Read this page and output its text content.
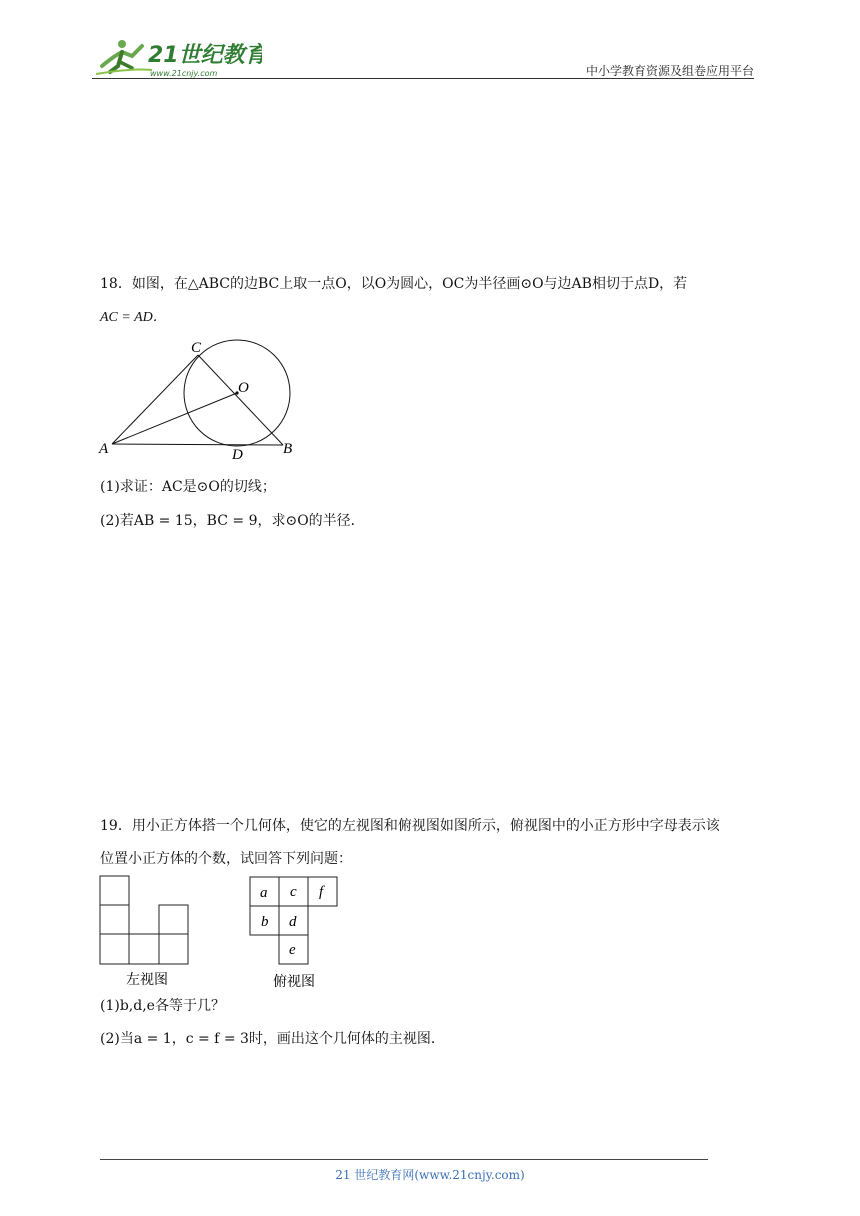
21世纪教育
www.21cnjy.com	中小学教育资源及组卷应用平台
18．如图，在△ABC的边BC上取一点O，以O为圆心，OC为半径画⊙O与边AB相切于点D，若
AC = AD．
C
O
A	D	B
(1)求证：AC是⊙O的切线；
(2)若AB = 15，BC = 9，求⊙O的半径．
19．用小正方体搭一个几何体，使它的左视图和俯视图如图所示，俯视图中的小正方形中字母表示该
位置小正方体的个数，试回答下列问题：
左视图
a c f
b d
e
俯视图
(1)b,d,e各等于几？
(2)当a = 1，c = f = 3时，画出这个几何体的主视图．
21 世纪教育网(www.21cnjy.com)
